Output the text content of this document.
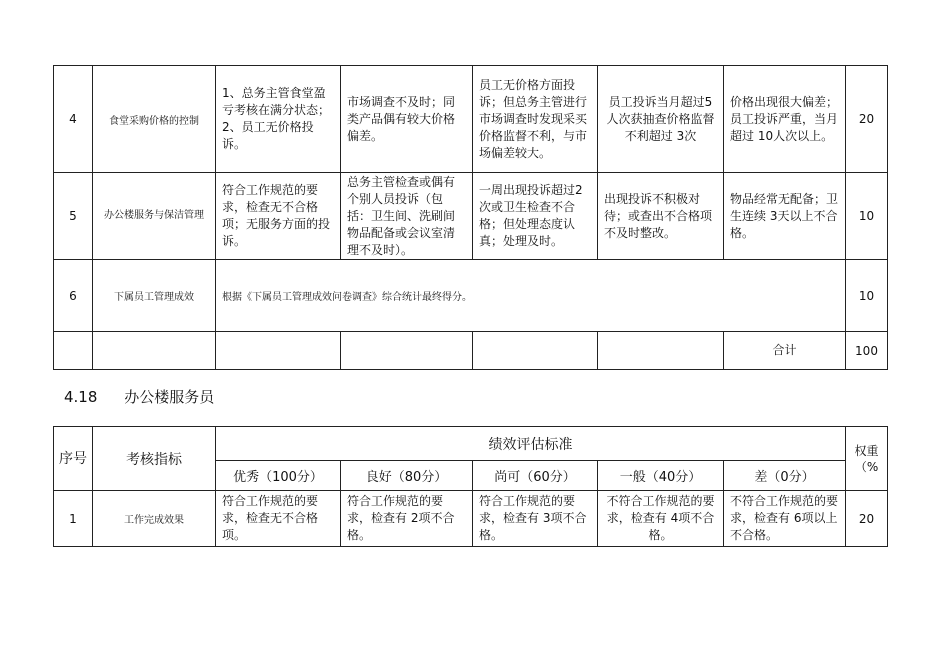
4	食堂采购价格的控制	1、总务主管食堂盈亏考核在满分状态；2、员工无价格投诉。	市场调查不及时；同类产品偶有较大价格偏差。	员工无价格方面投诉；但总务主管进行市场调查时发现采买价格监督不利，与市场偏差较大。	员工投诉当月超过5人次获抽查价格监督不利超过 3次	价格出现很大偏差；员工投诉严重，当月超过 10人次以上。	20
5	办公楼服务与保洁管理	符合工作规范的要求，检查无不合格项；无服务方面的投诉。	总务主管检查或偶有个别人员投诉（包括：卫生间、洗刷间物品配备或会议室清理不及时）。	一周出现投诉超过2次或卫生检查不合格；但处理态度认真；处理及时。	出现投诉不积极对待；或查出不合格项不及时整改。	物品经常无配备；卫生连续 3天以上不合格。	10
6	下属员工管理成效	根据《下属员工管理成效问卷调查》综合统计最终得分。					10
						合计	100
4.18 办公楼服务员
序号	考核指标	绩效评估标准					权重（%
		优秀（100分）	良好（80分）	尚可（60分）	一般（40分）	差（0分）	
1	工作完成效果	符合工作规范的要求，检查无不合格项。	符合工作规范的要求，检查有 2项不合格。	符合工作规范的要求，检查有 3项不合格。	不符合工作规范的要求，检查有 4项不合格。	不符合工作规范的要求，检查有 6项以上不合格。	20
